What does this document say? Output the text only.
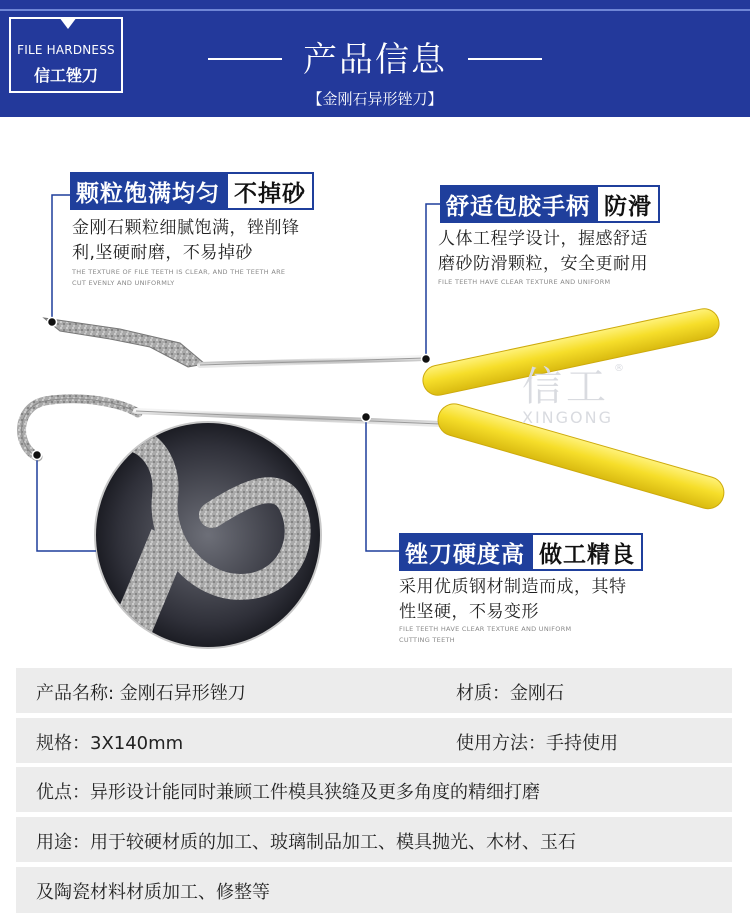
FILE HARDNESS
信工锉刀	产品信息
【金刚石异形锉刀】
信工 ®
XINGONG
颗粒饱满均匀 不掉砂
金刚石颗粒细腻饱满，锉削锋
利,坚硬耐磨，不易掉砂
THE TEXTURE OF FILE TEETH IS CLEAR, AND THE TEETH ARE
CUT EVENLY AND UNIFORMLY
舒适包胶手柄 防滑
人体工程学设计，握感舒适
磨砂防滑颗粒，安全更耐用
FILE TEETH HAVE CLEAR TEXTURE AND UNIFORM
锉刀硬度高 做工精良
采用优质钢材制造而成，其特
性坚硬，不易变形
FILE TEETH HAVE CLEAR TEXTURE AND UNIFORM
CUTTING TEETH
产品名称: 金刚石异形锉刀	材质：金刚石
规格：3X140mm	使用方法：手持使用
优点：异形设计能同时兼顾工件模具狭缝及更多角度的精细打磨
用途：用于较硬材质的加工、玻璃制品加工、模具抛光、木材、玉石
及陶瓷材料材质加工、修整等
